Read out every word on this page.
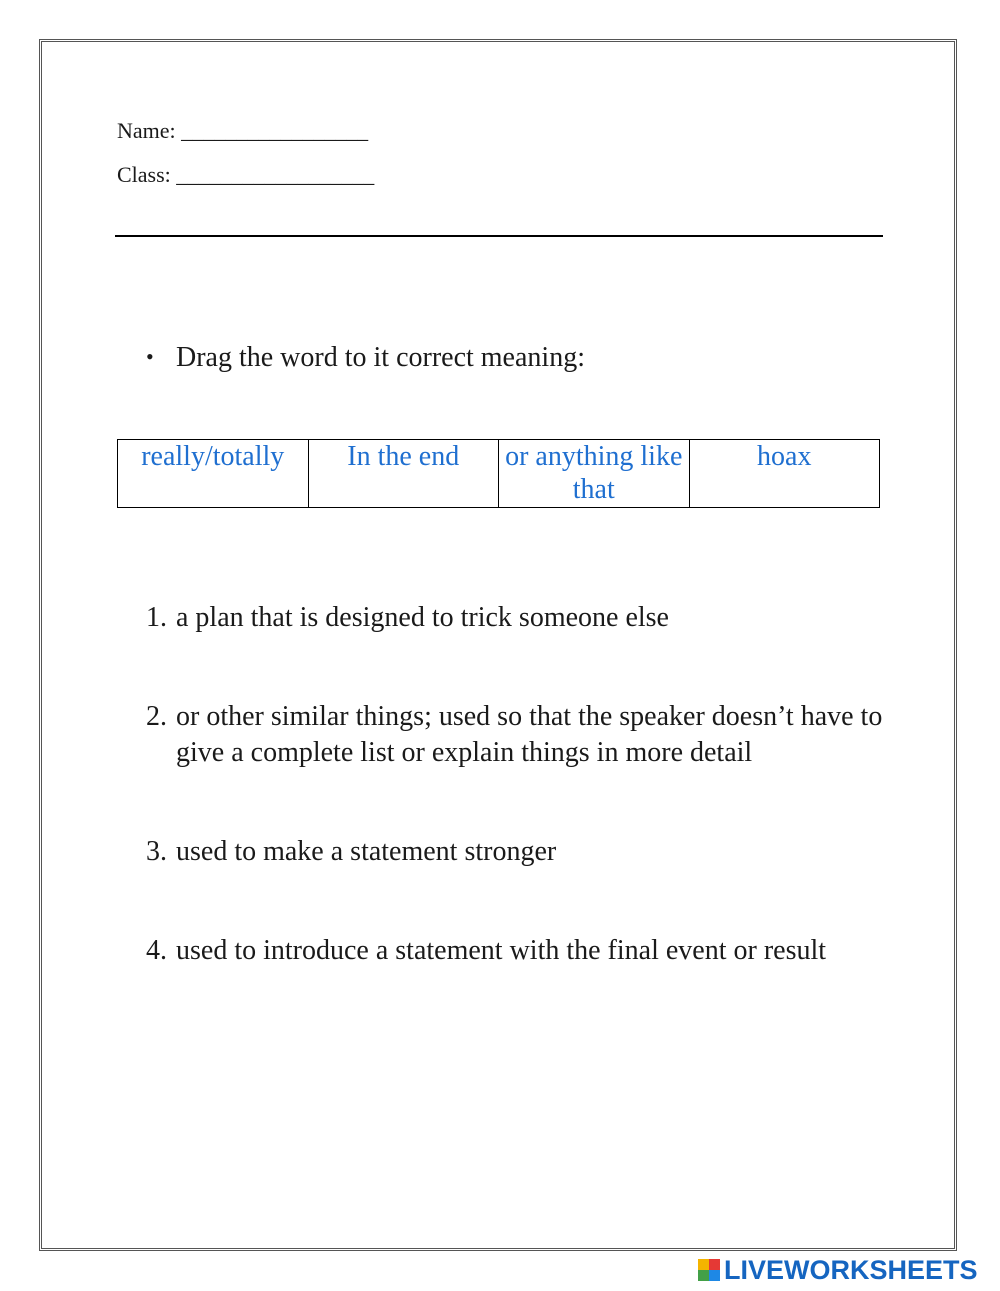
Name: _________________
Class: __________________
• Drag the word to it correct meaning:
really/totally	In the end	or anything like that	hoax
1. a plan that is designed to trick someone else
2. or other similar things; used so that the speaker doesn’t have to give a complete list or explain things in more detail
3. used to make a statement stronger
4. used to introduce a statement with the final event or result
LIVEWORKSHEETS
